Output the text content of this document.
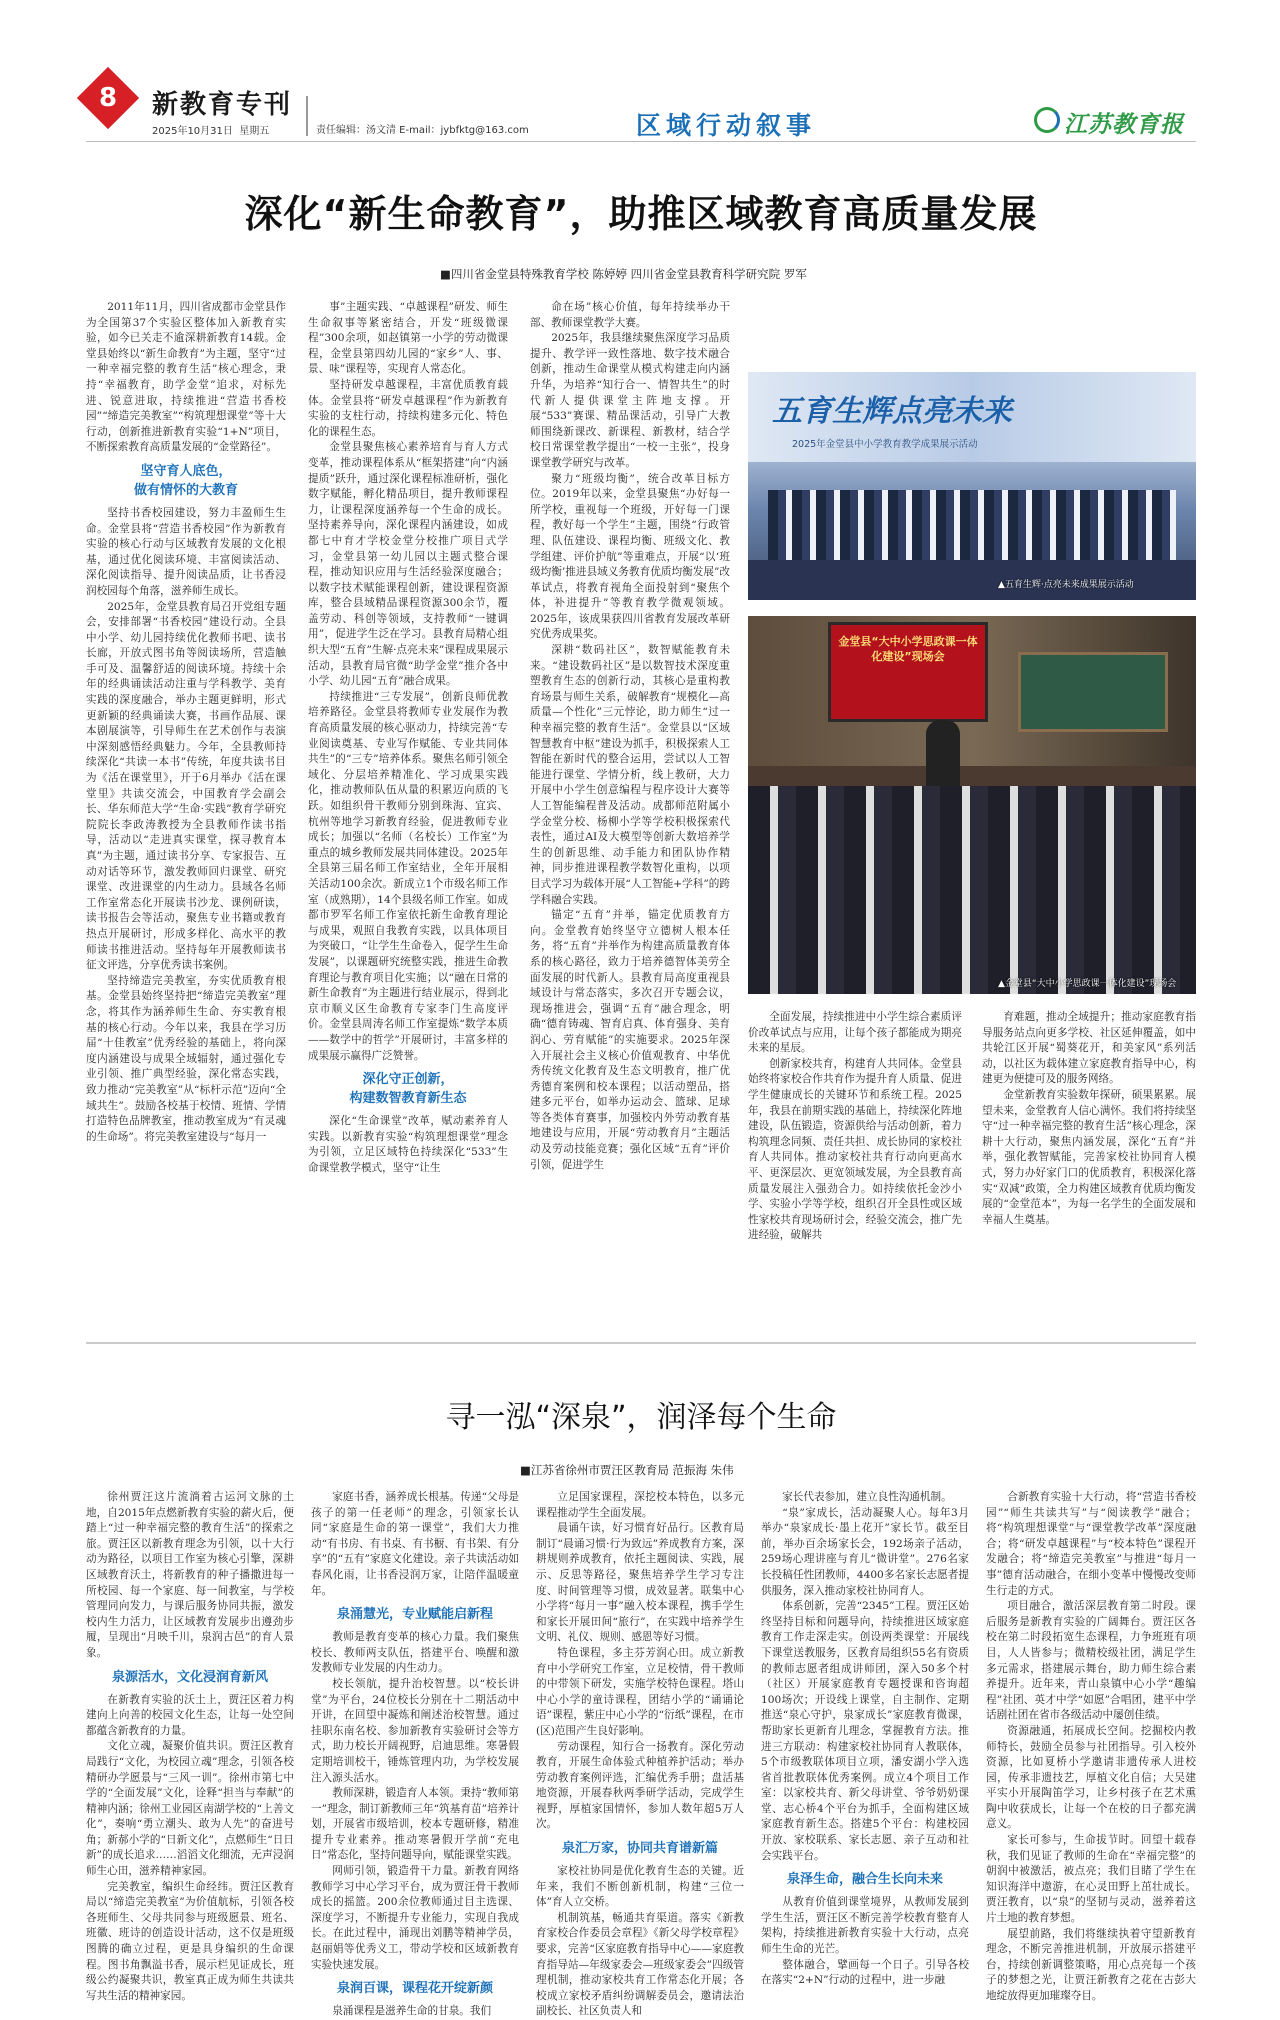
8	新教育专刊
2025年10月31日 星期五	责任编辑：汤文清 E-mail：jybfktg@163.com	区域行动叙事	江苏教育报
深化“新生命教育”，助推区域教育高质量发展
■四川省金堂县特殊教育学校 陈婷婷 四川省金堂县教育科学研究院 罗军

2011年11月，四川省成都市金堂县作为全国第37个实验区整体加入新教育实验，如今已关走不逾深耕新教育14载。金堂县始终以“新生命教育”为主题，坚守“过一种幸福完整的教育生活”核心理念，秉持“幸福教育，助学金堂”追求，对标先进、锐意进取，持续推进“营造书香校园”“缔造完美教室”“构筑理想课堂”等十大行动，创新推进新教育实验“1+N”项目，不断探索教育高质量发展的“金堂路径”。

坚守育人底色，
做有情怀的大教育

坚持书香校园建设，努力丰盈师生生命。金堂县将“营造书香校园”作为新教育实验的核心行动与区域教育发展的文化根基，通过优化阅读环境、丰富阅读活动、深化阅读指导、提升阅读品质，让书香浸润校园每个角落，滋养师生成长。

2025年，金堂县教育局召开党组专题会，安排部署“书香校园”建设行动。全县中小学、幼儿园持续优化教师书吧、读书长廊，开放式图书角等阅读场所，营造触手可及、温馨舒适的阅读环境。持续十余年的经典诵读活动注重与学科教学、美育实践的深度融合，举办主题更鲜明，形式更新颖的经典诵读大赛，书画作品展、课本剧展演等，引导师生在艺术创作与表演中深刻感悟经典魅力。今年，全县教师持续深化“共读一本书”传统，年度共读书目为《活在课堂里》，开于6月举办《活在课堂里》共读交流会，中国教育学会副会长、华东师范大学“生命·实践”教育学研究院院长李政涛教授为全县教师作读书指导，活动以“走进真实课堂，探寻教育本真”为主题，通过读书分享、专家报告、互动对话等环节，激发教师回归课堂、研究课堂、改进课堂的内生动力。县域各名师工作室常态化开展读书沙龙、课例研读，读书报告会等活动，聚焦专业书籍或教育热点开展研讨，形成多样化、高水平的教师读书推进活动。坚持每年开展教师读书征文评选，分享优秀读书案例。

坚持缔造完美教室，夯实优质教育根基。金堂县始终坚持把“缔造完美教室”理念，将其作为涵养师生生命、夯实教育根基的核心行动。今年以来，我县在学习历届“十佳教室”优秀经验的基础上，将向深度内涵建设与成果全域辐射，通过强化专业引领、推广典型经验，深化常态实践，致力推动“完美教室”从“标杆示范”迈向“全域共生”。鼓励各校基于校情、班情、学情打造特色品牌教室，推动教室成为“有灵魂的生命场”。将完美教室建设与“每月一

事”主题实践、“卓越课程”研发、师生生命叙事等紧密结合，开发“班级微课程”300余项，如赵镇第一小学的劳动微课程，金堂县第四幼儿园的“家乡”人、事、景、味”课程等，实现育人常态化。

坚持研发卓越课程，丰富优质教育载体。金堂县将“研发卓越课程”作为新教育实验的支柱行动，持续构建多元化、特色化的课程生态。

金堂县聚焦核心素养培育与育人方式变革，推动课程体系从“框架搭建”向“内涵提质”跃升，通过深化课程标准研析，强化数字赋能，孵化精品项目，提升教师课程力，让课程深度涵养每一个生命的成长。坚持素养导向，深化课程内涵建设，如成都七中育才学校金堂分校推广项目式学习，金堂县第一幼儿园以主题式整合课程，推动知识应用与生活经验深度融合；以数字技术赋能课程创新，建设课程资源库，整合县域精品课程资源300余节，覆盖劳动、科创等领域，支持教师“一键调用”，促进学生泛在学习。县教育局精心组织大型“五育”生解·点亮未来”课程成果展示活动，县教育局官微“助学金堂”推介各中小学、幼儿园“五育”融合成果。

持续推进“三专发展”，创新良师优教培养路径。金堂县将教师专业发展作为教育高质量发展的核心驱动力，持续完善“专业阅读奠基、专业写作赋能、专业共同体共生”的“三专”培养体系。聚焦名师引领全域化、分层培养精准化、学习成果实践化，推动教师队伍从量的积累迈向质的飞跃。如组织骨干教师分别到珠海、宜宾、杭州等地学习新教育经验，促进教师专业成长；加强以“名师（名校长）工作室”为重点的城乡教师发展共同体建设。2025年全县第三届名师工作室结业，全年开展相关活动100余次。新成立1个市级名师工作室（成熟期），14个县级名师工作室。如成都市罗军名师工作室依托新生命教育理论与成果，观照自我教育实践，以具体项目为突破口，“让学生生命卷入，促学生生命发展”，以课题研究统整实践，推进生命教育理论与教育项目化实施；以“融在日常的新生命教育”为主题进行结业展示，得到北京市顺义区生命教育专家李门生高度评价。金堂县周涛名师工作室提炼“数学本质——数学中的哲学”开展研讨，丰富多样的成果展示赢得广泛赞誉。

深化守正创新，
构建数智教育新生态

深化“生命课堂”改革，赋动素养育人实践。以新教育实验“构筑理想课堂”理念为引领，立足区域特色持续深化“533”生命课堂教学模式，坚守“让生

命在场”核心价值，每年持续举办干部、教师课堂教学大赛。

2025年，我县继续聚焦深度学习品质提升、教学评一致性落地、数字技术融合创新，推动生命课堂从模式构建走向内涵升华，为培养“知行合一、情智共生”的时代新人提供课堂主阵地支撑。开展“533”赛课、精品课活动，引导广大教师围绕新课改、新课程、新教材，结合学校日常课堂教学提出“一校一主张”，投身课堂教学研究与改革。

聚力“班级均衡”，统合改革目标方位。2019年以来，金堂县聚焦“办好每一所学校，重视每一个班级，开好每一门课程，教好每一个学生”主题，围绕“行政管理、队伍建设、课程均衡、班级文化、教学组建、评价护航”等重难点，开展“以‘班级均衡’推进县域义务教育优质均衡发展”改革试点，将教育视角全面投射到“聚焦个体，补进提升”等教育教学微观领域。2025年，该成果获四川省教育发展改革研究优秀成果奖。

深耕“数码社区”，数智赋能教育未来。“建设数码社区”是以数智技术深度重塑教育生态的创新行动，其核心是重构教育场景与师生关系，破解教育“规模化—高质量—个性化”三元悖论，助力师生“过一种幸福完整的教育生活”。金堂县以“区域智慧教育中枢”建设为抓手，积极探索人工智能在新时代的整合运用，尝试以人工智能进行课堂、学情分析，线上教研，大力开展中小学生创意编程与程序设计大赛等人工智能编程普及活动。成都师范附属小学金堂分校、杨柳小学等学校积极探索代表性，通过AI及大模型等创新大数培养学生的创新思维、动手能力和团队协作精神，同步推进课程教学数智化重构，以项目式学习为载体开展“人工智能+学科”的跨学科融合实践。

锚定“五育”并举，锚定优质教育方向。金堂教育始终坚守立德树人根本任务，将“五育”并举作为构建高质量教育体系的核心路径，致力于培养德智体美劳全面发展的时代新人。县教育局高度重视县域设计与常态落实，多次召开专题会议，现场推进会，强调“五育”融合理念，明确“德育铸魂、智育启真、体育强身、美育润心、劳育赋能”的实施要求。2025年深入开展社会主义核心价值观教育、中华优秀传统文化教育及生态文明教育，推广优秀德育案例和校本课程；以活动塑品，搭建多元平台，如举办运动会、篮球、足球等各类体育赛事，加强校内外劳动教育基地建设与应用，开展“劳动教育月”主题活动及劳动技能竞赛；强化区域“五育”评价引领，促进学生

五育生辉点亮未来
2025年金堂县中小学教育教学成果展示活动
▲五育生辉·点亮未来成果展示活动
金堂县“大中小学思政课一体化建设”现场会
▲金堂县“大中小学思政课一体化建设”现场会

全面发展，持续推进中小学生综合素质评价改革试点与应用，让每个孩子都能成为期亮未来的星辰。

创新家校共育，构建育人共同体。金堂县始终将家校合作共育作为提升育人质量、促进学生健康成长的关键环节和系统工程。2025年，我县在前期实践的基础上，持续深化阵地建设，队伍锻造，资源供给与活动创新，着力构筑理念同频、责任共担、成长协同的家校社育人共同体。推动家校社共育行动向更高水平、更深层次、更宽领域发展，为全县教育高质量发展注入强劲合力。如持续依托金沙小学、实验小学等学校，组织召开全县性或区域性家校共育现场研讨会，经验交流会，推广先进经验，破解共

育难题，推动全域提升；推动家庭教育指导服务站点向更多学校、社区延伸覆盖，如中共轮江区开展“蜀葵花开，和美家风”系列活动，以社区为载体建立家庭教育指导中心，构建更为便捷可及的服务网络。

金堂新教育实验数年探研，硕果累累。展望未来，金堂教育人信心满怀。我们将持续坚守“过一种幸福完整的教育生活”核心理念，深耕十大行动，聚焦内涵发展，深化“五育”并举，强化教智赋能，完善家校社协同育人模式，努力办好家门口的优质教育，积极深化落实“双减”政策，全力构建区域教育优质均衡发展的“金堂范本”，为每一名学生的全面发展和幸福人生奠基。

寻一泓“深泉”，润泽每个生命
■江苏省徐州市贾汪区教育局 范振海 朱伟

徐州贾汪这片流淌着古运河文脉的土地，自2015年点燃新教育实验的薪火后，便踏上“过一种幸福完整的教育生活”的探索之旅。贾汪区以新教育理念为引领，以十大行动为路径，以项目工作室为核心引擎，深耕区域教育沃土，将新教育的种子播撒进每一所校园、每一个家庭、每一间教室，与学校管理同向发力，与课后服务协同共振，激发校内生力活力，让区域教育发展步出遵劲步履，呈现出“月映千川，泉润古邑”的育人景象。

泉源活水，文化浸润育新风

在新教育实验的沃土上，贾汪区着力构建向上向善的校园文化生态，让每一处空间都蕴含新教育的力量。

文化立魂，凝聚价值共识。贾汪区教育局践行“文化，为校园立魂”理念，引领各校精研办学愿景与“三风一训”。徐州市第七中学的“全面发展”文化，诠释“担当与奉献”的精神内涵；徐州工业园区南湖学校的“上善文化”，奏响“勇立潮头、敢为人先”的奋进号角；新郝小学的“日新文化”，点燃师生“日日新”的成长追求……滔滔文化细流，无声浸润师生心田，滋养精神家园。

完美教室，编织生命经纬。贾汪区教育局以“缔造完美教室”为价值航标，引领各校各班师生、父母共同参与班级愿景、班名、班徽、班诗的创造设计活动，这不仅是班级图腾的确立过程，更是具身编织的生命课程。图书角飘溢书香，展示栏见证成长，班级公约凝聚共识，教室真正成为师生共读共写共生活的精神家园。

家庭书香，涵养成长根基。传递“父母是孩子的第一任老师”的理念，引领家长认同“家庭是生命的第一课堂”，我们大力推动“有书房、有书桌、有书橱、有书架、有分享”的“五有”家庭文化建设。亲子共读活动如春风化雨，让书香浸润万家，让陪伴温暖童年。

泉涌慧光，专业赋能启新程

教师是教育变革的核心力量。我们聚焦校长、教师两支队伍，搭建平台、唤醒和激发教师专业发展的内生动力。

校长领航，提升治校智慧。以“校长讲堂”为平台，24位校长分别在十二期活动中开讲，在回望中凝炼和阐述治校智慧。通过挂职东南名校、参加新教育实验研讨会等方式，助力校长开阔视野，启迪思维。寒暑假定期培训校干，锤炼管理内功，为学校发展注入源头活水。

教师深耕，锻造育人本领。秉持“教师第一”理念，制订新教师三年“筑基育苗”培养计划，开展省市级培训，校本专题研修，精准提升专业素养。推动寒暑假开学前“充电日”常态化，坚持问题导向，赋能课堂实践。

网师引领，锻造骨干力量。新教育网络教师学习中心学习平台，成为贾汪骨干教师成长的摇篮。200余位教师通过目主选课、深度学习，不断提升专业能力，实现自我成长。在此过程中，涌现出刘鹏等精神学员，赵丽娟等优秀义工，带动学校和区域新教育实验快速发展。

泉润百课，课程花开绽新颜

泉涌课程是滋养生命的甘泉。我们

立足国家课程，深挖校本特色，以多元课程推动学生全面发展。

晨诵午读，好习惯育好品行。区教育局制订“晨诵习惯·行为致远”养成教育方案，深耕规则养成教育，依托主题阅读、实践，展示、反思等路径，聚焦培养学生学习专注度、时间管理等习惯，成效显著。联集中心小学将“每月一事”融入校本课程，携手学生和家长开展田间“旅行”，在实践中培养学生文明、礼仪、规则、感恩等好习惯。

特色课程，多主芬芳润心田。成立新教育中小学研究工作室，立足校情，骨干教师的中带领下研发，实施学校特色课程。塔山中心小学的童诗课程，团结小学的“诵诵论语”课程，紫庄中心小学的“衍纸”课程，在市(区)范围产生良好影响。

劳动课程，知行合一扬教育。深化劳动教育，开展生命体验式种植养护活动；举办劳动教育案例评选，汇编优秀手册；盘活基地资源，开展春秋两季研学活动，完成学生视野，厚植家国情怀，参加人数年超5万人次。

泉汇万家，协同共育谱新篇

家校社协同是优化教育生态的关键。近年来，我们不断创新机制，构建“三位一体”育人立交桥。

机制筑基，畅通共育渠道。落实《新教育家校合作委员会章程》《新父母学校章程》要求，完善“区家庭教育指导中心——家庭教育指导站—年级家委会—班级家委会”四级管理机制，推动家校共育工作常态化开展；各校成立家校矛盾纠纷调解委员会，邀请法治副校长、社区负责人和

家长代表参加，建立良性沟通机制。

“泉”家成长，活动凝聚人心。每年3月举办“泉家成长·墨上花开”家长节。截至目前，举办百余场家长会，192场亲子活动，259场心理讲座与育儿“微讲堂”。276名家长投稿任性团教师，4400多名家长志愿者提供服务，深入推动家校社协同育人。

体系创新，完善“2345”工程。贾汪区始终坚持目标和问题导向，持续推进区域家庭教育工作走深走实。创设两类课堂：开展线下课堂送教服务，区教育局组织55名有资质的教师志愿者组成讲师团，深入50多个村（社区）开展家庭教育专题授课和咨询超100场次；开设线上课堂，自主制作、定期推送“泉心守护，泉家成长”家庭教育微课，帮助家长更新育儿理念，掌握教育方法。推进三方联动：构建家校社协同育人教联体，5个市级教联体项目立项，潘安湖小学入选省首批教联体优秀案例。成立4个项目工作室：以家校共育、新父母讲堂、爷爷奶奶课堂、志心桥4个平台为抓手，全面构建区域家庭教育新生态。搭建5个平台：构建校园开放、家校联系、家长志愿、亲子互动和社会实践平台。

泉泽生命，融合生长向未来

从教育价值到课堂境界，从教师发展到学生生活，贾汪区不断完善学校教育整育人架构，持续推进新教育实验十大行动，点亮师生生命的光芒。

整体融合，擘画每一个日子。引导各校在落实“2+N”行动的过程中，进一步融

合新教育实验十大行动，将“营造书香校园”“师生共读共写”与“阅读教学”融合；将“构筑理想课堂”与“课堂教学改革”深度融合；将“研发卓越课程”与“校本特色”课程开发融合；将“缔造完美教室”与推进“每月一事”德育活动融合，在细小变革中慢慢改变师生行走的方式。

项目融合，激活深层教育第二时段。课后服务是新教育实验的广阔舞台。贾汪区各校在第二时段拓宽生态课程，力争班班有项目，人人皆参与；微精校级社团，满足学生多元需求，搭建展示舞台，助力师生综合素养提升。近年来，青山泉镇中心小学“趣编程”社团、英才中学“如愿”合唱团，建平中学话剧社团在省市各级活动中屡创佳绩。

资源融通，拓展成长空间。挖掘校内教师特长，鼓励全员参与社团指导。引入校外资源，比如夏桥小学邀请非遗传承人进校园，传承非遗技艺，厚植文化自信；大吴建平实小开展陶笛学习，让乡村孩子在艺术熏陶中收获成长，让每一个在校的日子都充满意义。

家长可参与，生命拔节时。回望十载春秋，我们见证了教师的生命在“幸福完整”的朝润中被激活，被点亮；我们目睹了学生在知识海洋中遨游，在心灵田野上茁壮成长。贾汪教育，以“泉”的坚韧与灵动，滋养着这片土地的教育梦想。

展望前路，我们将继续执着守望新教育理念，不断完善推进机制，开放展示搭建平台，持续创新调整策略，用心点亮每一个孩子的梦想之光，让贾汪新教育之花在古彭大地绽放得更加璀璨夺目。
